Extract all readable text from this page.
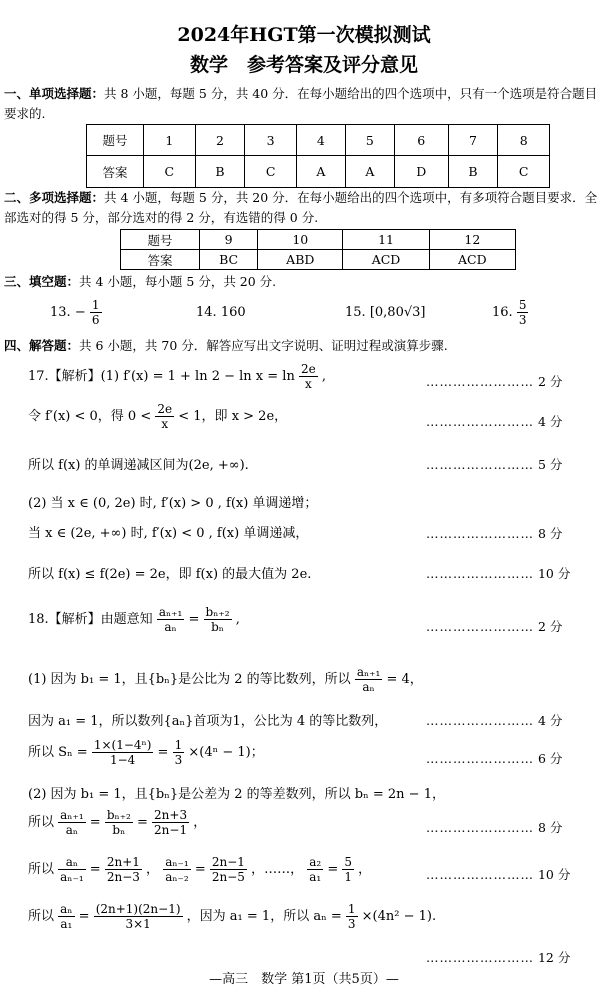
2024年HGT第一次模拟测试
数学　参考答案及评分意见
一、单项选择题：共 8 小题，每题 5 分，共 40 分．在每小题给出的四个选项中，只有一个选项是符合题目要求的.
题号	1	2	3	4	5	6	7	8
答案	C	B	C	A	A	D	B	C
二、多项选择题：共 4 小题，每题 5 分，共 20 分．在每小题给出的四个选项中，有多项符合题目要求．全部选对的得 5 分，部分选对的得 2 分，有选错的得 0 分.
题号	9	10	11	12
答案	BC	ABD	ACD	ACD
三、填空题：共 4 小题，每小题 5 分，共 20 分.
13. − $\frac{1}{6}$	14. 160	15. [0,80√3]	16. $\frac{5}{3}$
四、解答题：共 6 小题，共 70 分．解答应写出文字说明、证明过程或演算步骤.
17.【解析】(1) $f'(x) = 1 + \ln 2 - \ln x = \ln \frac{2e}{x}$ ,	…………………… 2 分
令 f′(x) < 0，得 $0 < \frac{2e}{x} < 1$，即 x > 2e，	…………………… 4 分
所以 f(x) 的单调递减区间为(2e, +∞).	…………………… 5 分
(2) 当 x ∈ (0, 2e) 时, f′(x) > 0 , f(x) 单调递增；
当 x ∈ (2e, +∞) 时, f′(x) < 0 , f(x) 单调递减，	…………………… 8 分
所以 f(x) ≤ f(2e) = 2e，即 f(x) 的最大值为 2e.	…………………… 10 分
18.【解析】由题意知 $\frac{\text{aₙ₊₁}}{\text{aₙ}} = \frac{\text{bₙ₊₂}}{\text{bₙ}}$ ,	…………………… 2 分
(1) 因为 b₁ = 1，且{bₙ}是公比为 2 的等比数列，所以 $\frac{\text{aₙ₊₁}}{\text{aₙ}} = 4$，
因为 a₁ = 1，所以数列{aₙ}首项为1，公比为 4 的等比数列，	…………………… 4 分
所以 $S_n = \frac{\text{1×(1−4ⁿ)}}{1-4} = \frac{1}{3} \times(4^n - 1)$；	…………………… 6 分
(2) 因为 b₁ = 1，且{bₙ}是公差为 2 的等差数列，所以 bₙ = 2n − 1，
所以 $\frac{\text{aₙ₊₁}}{\text{aₙ}} = \frac{\text{bₙ₊₂}}{\text{bₙ}} = \frac{2n+3}{2n-1}$ ，	…………………… 8 分
所以 $\frac{\text{aₙ}}{\text{aₙ₋₁}} = \frac{2n+1}{2n-3}$ ， $\frac{\text{aₙ₋₁}}{\text{aₙ₋₂}} = \frac{2n-1}{2n-5}$ ，……， $\frac{\text{a₂}}{\text{a₁}} = \frac{5}{1}$ ，	…………………… 10 分
所以 $\frac{\text{aₙ}}{\text{a₁}} = \frac{(2n+1)(2n-1)}{3\times 1}$ ，因为 a₁ = 1，所以 $a_n = \frac{1}{3} \times(4n^2 - 1)$.
…………………… 12 分
—高三　数学 第1页（共5页）—
